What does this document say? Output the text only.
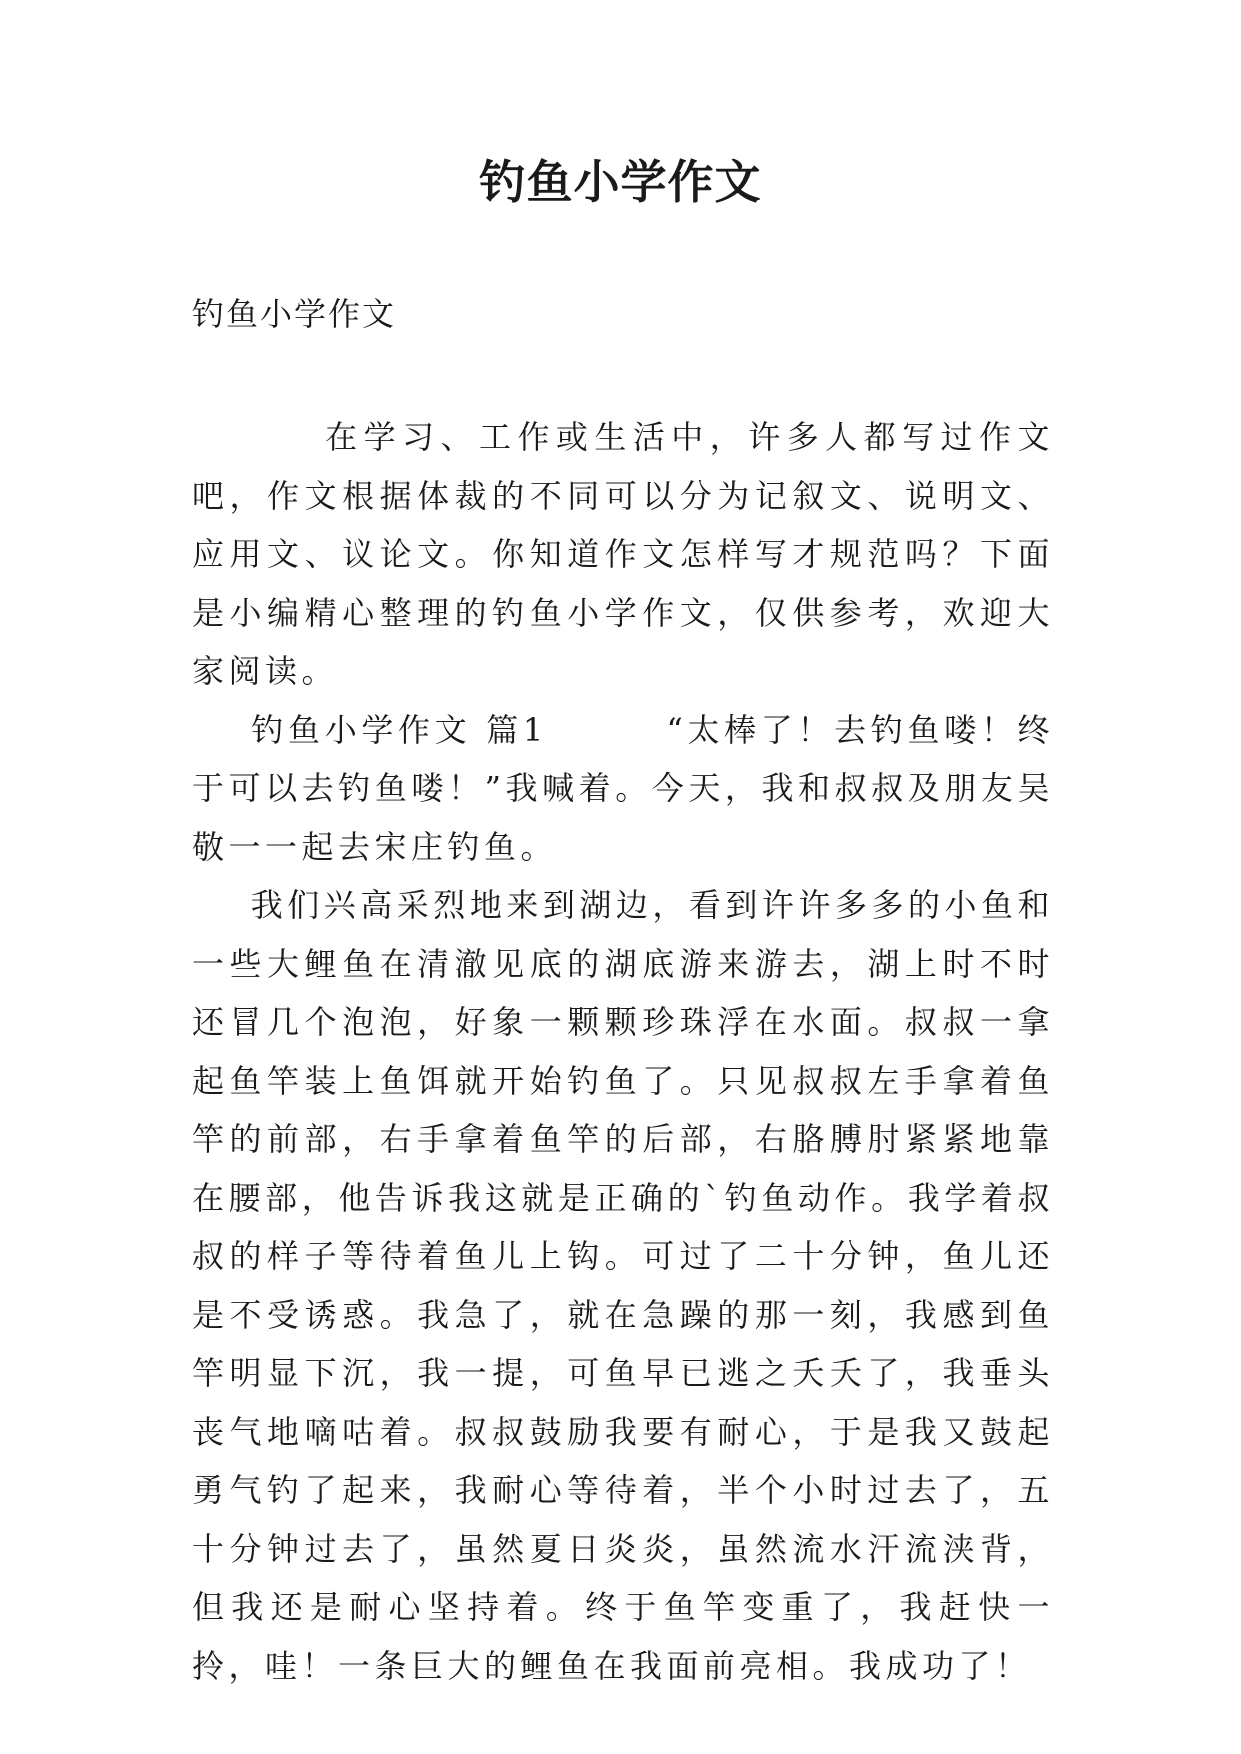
钓鱼小学作文
钓鱼小学作文

在学习、工作或生活中，许多人都写过作文吧，作文根据体裁的不同可以分为记叙文、说明文、应用文、议论文。你知道作文怎样写才规范吗？下面是小编精心整理的钓鱼小学作文，仅供参考，欢迎大家阅读。

钓鱼小学作文 篇1        “太棒了！去钓鱼喽！终于可以去钓鱼喽！”我喊着。今天，我和叔叔及朋友吴敬一一起去宋庄钓鱼。

我们兴高采烈地来到湖边，看到许许多多的小鱼和一些大鲤鱼在清澈见底的湖底游来游去，湖上时不时还冒几个泡泡，好象一颗颗珍珠浮在水面。叔叔一拿起鱼竿装上鱼饵就开始钓鱼了。只见叔叔左手拿着鱼竿的前部，右手拿着鱼竿的后部，右胳膊肘紧紧地靠在腰部，他告诉我这就是正确的`钓鱼动作。我学着叔叔的样子等待着鱼儿上钩。可过了二十分钟，鱼儿还是不受诱惑。我急了，就在急躁的那一刻，我感到鱼竿明显下沉，我一提，可鱼早已逃之夭夭了，我垂头丧气地嘀咕着。叔叔鼓励我要有耐心，于是我又鼓起勇气钓了起来，我耐心等待着，半个小时过去了，五十分钟过去了，虽然夏日炎炎，虽然流水汗流浃背，但我还是耐心坚持着。终于鱼竿变重了，我赶快一拎，哇！一条巨大的鲤鱼在我面前亮相。我成功了！
